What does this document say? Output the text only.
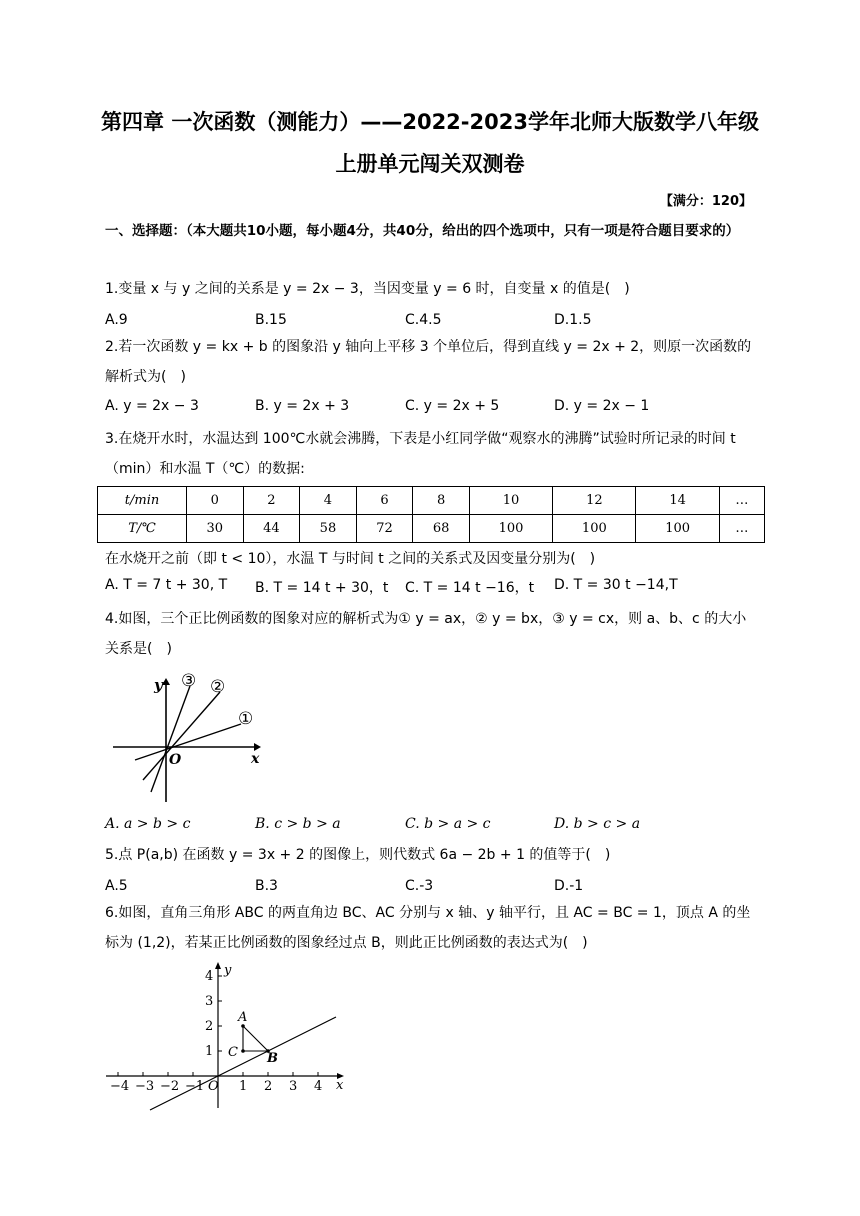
第四章 一次函数（测能力）——2022-2023学年北师大版数学八年级
上册单元闯关双测卷
【满分：120】
一、选择题：（本大题共10小题，每小题4分，共40分，给出的四个选项中，只有一项是符合题目要求的）
1.变量 x 与 y 之间的关系是 y = 2x − 3，当因变量 y = 6 时，自变量 x 的值是(　)
A.9	B.15	C.4.5	D.1.5
2.若一次函数 y = kx + b 的图象沿 y 轴向上平移 3 个单位后，得到直线 y = 2x + 2，则原一次函数的解析式为(　)
A. y = 2x − 3	B. y = 2x + 3	C. y = 2x + 5	D. y = 2x − 1
3.在烧开水时，水温达到 100℃水就会沸腾，下表是小红同学做“观察水的沸腾”试验时所记录的时间 t（min）和水温 T（℃）的数据:
t/min	0	2	4	6	8	10	12	14	…
T/℃	30	44	58	72	68	100	100	100	…
在水烧开之前（即 t < 10），水温 T 与时间 t 之间的关系式及因变量分别为(　)
A. T = 7 t + 30, T B. T = 14 t + 30，t C. T = 14 t −16，t D. T = 30 t −14,T
4.如图，三个正比例函数的图象对应的解析式为① y = ax，② y = bx，③ y = cx，则 a、b、c 的大小关系是(　)
y
x
O
③ ②
①
A. a > b > c	B. c > b > a	C. b > a > c	D. b > c > a
5.点 P(a,b) 在函数 y = 3x + 2 的图像上，则代数式 6a − 2b + 1 的值等于(　)
A.5	B.3	C.-3	D.-1
6.如图，直角三角形 ABC 的两直角边 BC、AC 分别与 x 轴、y 轴平行，且 AC = BC = 1，顶点 A 的坐标为 (1,2)，若某正比例函数的图象经过点 B，则此正比例函数的表达式为(　)
−4 −3 −2 −1	1 2 3 4
1
2
3
4
A
C B
O
y
x
